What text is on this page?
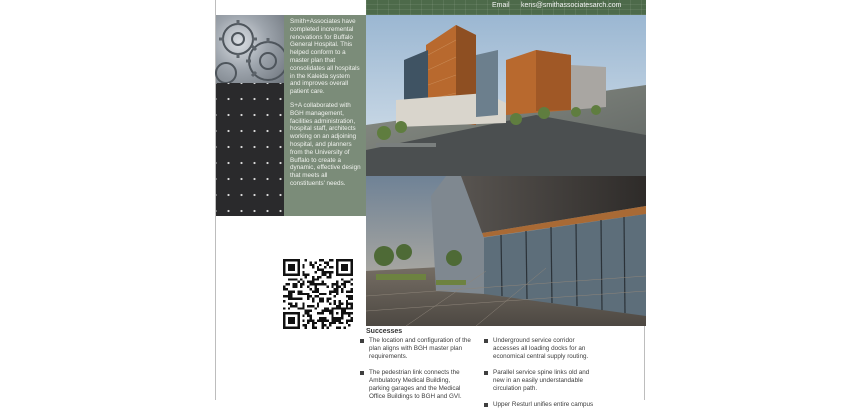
Email kens@smithassociatesarch.com

Smith+Associates have completed incremental renovations for Buffalo General Hospital. This helped conform to a master plan that consolidates all hospitals in the Kaleida system and improves overall patient care.

S+A collaborated with BGH management, facilities administration, hospital staff, architects working on an adjoining hospital, and planners from the University of Buffalo to create a dynamic, effective design that meets all constituents' needs.

Successes
The location and configuration of the plan aligns with BGH master plan requirements.
The pedestrian link connects the Ambulatory Medical Building, parking garages and the Medical Office Buildings to BGH and GVI.
Underground service corridor accesses all loading docks for an economical central supply routing.
Parallel service spine links old and new in an easily understandable circulation path.
Upper Resturl unifies entire campus
